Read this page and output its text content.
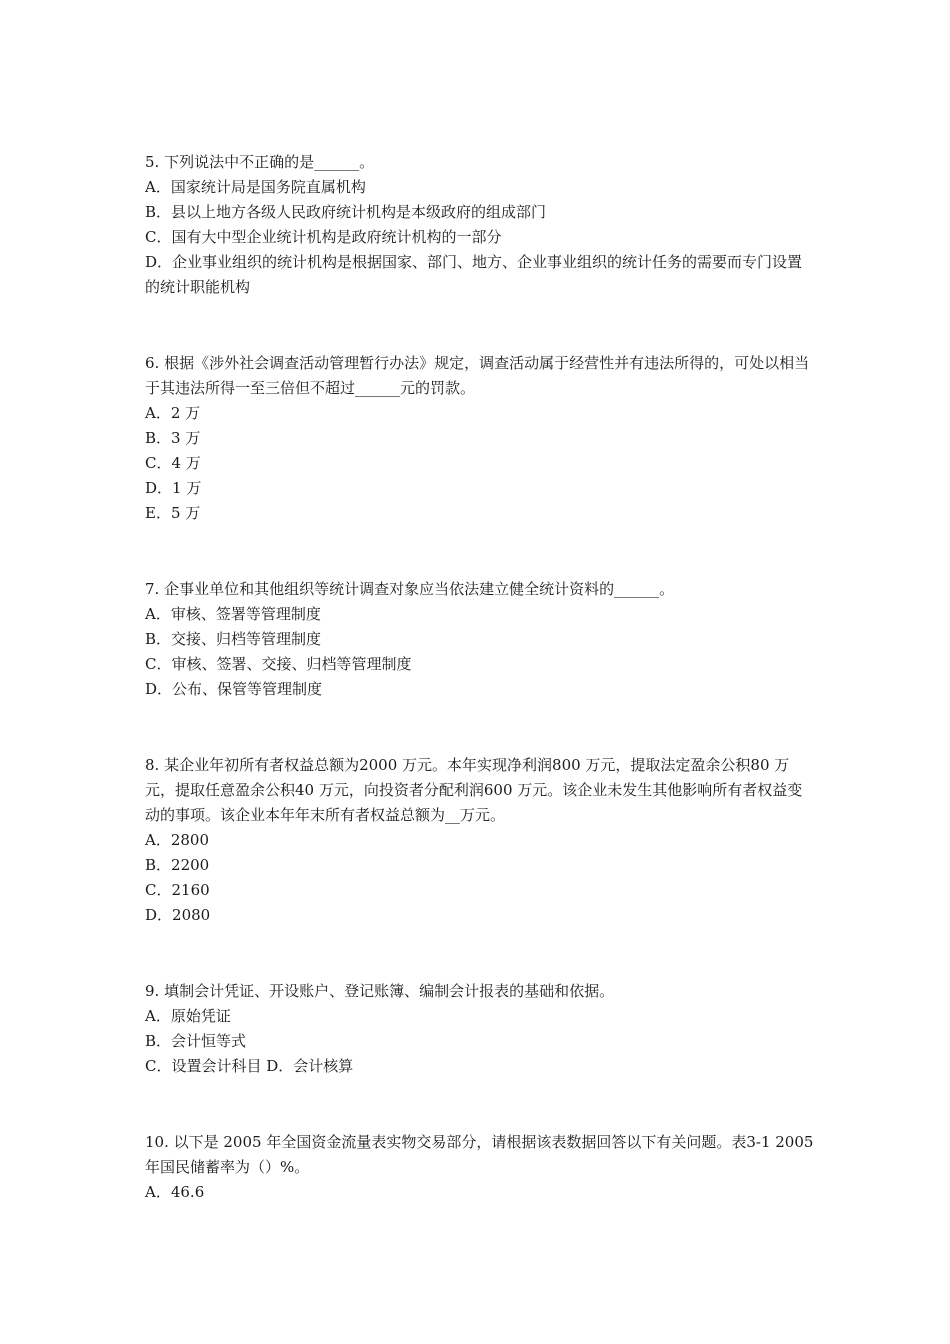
5. 下列说法中不正确的是______。

A．国家统计局是国务院直属机构

B．县以上地方各级人民政府统计机构是本级政府的组成部门

C．国有大中型企业统计机构是政府统计机构的一部分

D．企业事业组织的统计机构是根据国家、部门、地方、企业事业组织的统计任务的需要而专门设置的统计职能机构

6. 根据《涉外社会调查活动管理暂行办法》规定，调查活动属于经营性并有违法所得的，可处以相当于其违法所得一至三倍但不超过______元的罚款。

A．2 万

B．3 万

C．4 万

D．1 万

E．5 万

7. 企事业单位和其他组织等统计调查对象应当依法建立健全统计资料的______。

A．审核、签署等管理制度

B．交接、归档等管理制度

C．审核、签署、交接、归档等管理制度

D．公布、保管等管理制度

8. 某企业年初所有者权益总额为2000 万元。本年实现净利润800 万元，提取法定盈余公积80 万元，提取任意盈余公积40 万元，向投资者分配利润600 万元。该企业未发生其他影响所有者权益变动的事项。该企业本年年末所有者权益总额为__万元。

A．2800

B．2200

C．2160

D．2080

9. 填制会计凭证、开设账户、登记账簿、编制会计报表的基础和依据。

A．原始凭证

B．会计恒等式

C．设置会计科目 D．会计核算

10. 以下是 2005 年全国资金流量表实物交易部分，请根据该表数据回答以下有关问题。表3-1 2005 年国民储蓄率为（）%。

A．46.6
